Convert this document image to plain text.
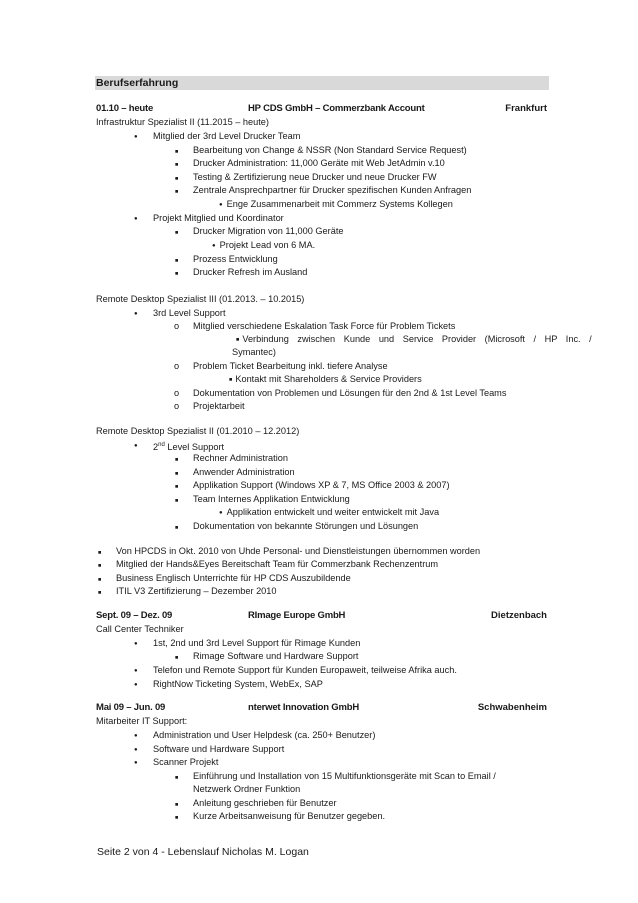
Berufserfahrung
01.10 – heute	HP CDS GmbH – Commerzbank Account	Frankfurt
Infrastruktur Spezialist II (11.2015 – heute)
● Mitglied der 3rd Level Drucker Team
■ Bearbeitung von Change & NSSR (Non Standard Service Request)
■ Drucker Administration: 11,000 Geräte mit Web JetAdmin v.10
■ Testing & Zertifizierung neue Drucker und neue Drucker FW
■ Zentrale Ansprechpartner für Drucker spezifischen Kunden Anfragen
● Enge Zusammenarbeit mit Commerz Systems Kollegen
● Projekt Mitglied und Koordinator
■ Drucker Migration von 11,000 Geräte
● Projekt Lead von 6 MA.
■ Prozess Entwicklung
■ Drucker Refresh im Ausland
Remote Desktop Spezialist III (01.2013. – 10.2015)
● 3rd Level Support
o Mitglied verschiedene Eskalation Task Force für Problem Tickets
■ Verbindung zwischen Kunde und Service Provider (Microsoft / HP Inc. /
Symantec)
o Problem Ticket Bearbeitung inkl. tiefere Analyse
■ Kontakt mit Shareholders & Service Providers
o Dokumentation von Problemen und Lösungen für den 2nd & 1st Level Teams
o Projektarbeit
Remote Desktop Spezialist II (01.2010 – 12.2012)
● 2nd Level Support
■ Rechner Administration
■ Anwender Administration
■ Applikation Support (Windows XP & 7, MS Office 2003 & 2007)
■ Team Internes Applikation Entwicklung
● Applikation entwickelt und weiter entwickelt mit Java
■ Dokumentation von bekannte Störungen und Lösungen
■ Von HPCDS in Okt. 2010 von Uhde Personal- und Dienstleistungen übernommen worden
■ Mitglied der Hands&Eyes Bereitschaft Team für Commerzbank Rechenzentrum
■ Business Englisch Unterrichte für HP CDS Auszubildende
■ ITIL V3 Zertifizierung – Dezember 2010
Sept. 09 – Dez. 09	RImage Europe GmbH	Dietzenbach
Call Center Techniker
● 1st, 2nd und 3rd Level Support für Rimage Kunden
■ Rimage Software und Hardware Support
● Telefon und Remote Support für Kunden Europaweit, teilweise Afrika auch.
● RightNow Ticketing System, WebEx, SAP
Mai 09 – Jun. 09	nterwet Innovation GmbH	Schwabenheim
Mitarbeiter IT Support:
● Administration und User Helpdesk (ca. 250+ Benutzer)
● Software und Hardware Support
● Scanner Projekt
■ Einführung und Installation von 15 Multifunktionsgeräte mit Scan to Email /
Netzwerk Ordner Funktion
■ Anleitung geschrieben für Benutzer
■ Kurze Arbeitsanweisung für Benutzer gegeben.
Seite 2 von 4 - Lebenslauf Nicholas M. Logan
